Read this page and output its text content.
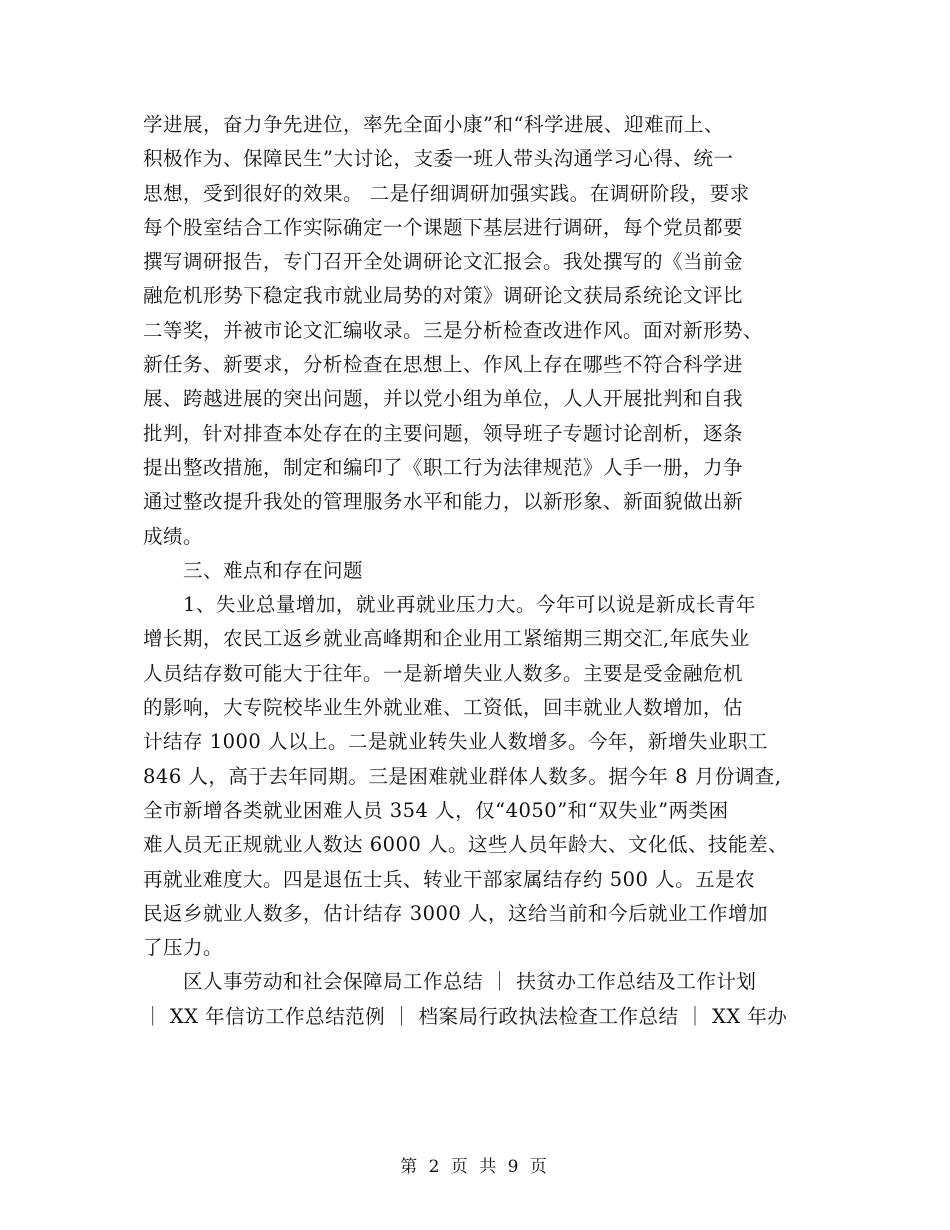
学进展，奋力争先进位，率先全面小康”和“科学进展、迎难而上、
积极作为、保障民生”大讨论，支委一班人带头沟通学习心得、统一
思想，受到很好的效果。 二是仔细调研加强实践。在调研阶段，要求
每个股室结合工作实际确定一个课题下基层进行调研，每个党员都要
撰写调研报告，专门召开全处调研论文汇报会。我处撰写的《当前金
融危机形势下稳定我市就业局势的对策》调研论文获局系统论文评比
二等奖，并被市论文汇编收录。三是分析检查改进作风。面对新形势、
新任务、新要求，分析检查在思想上、作风上存在哪些不符合科学进
展、跨越进展的突出问题，并以党小组为单位，人人开展批判和自我
批判，针对排查本处存在的主要问题，领导班子专题讨论剖析，逐条
提出整改措施，制定和编印了《职工行为法律规范》人手一册，力争
通过整改提升我处的管理服务水平和能力，以新形象、新面貌做出新
成绩。
三、难点和存在问题
1、失业总量增加，就业再就业压力大。今年可以说是新成长青年
增长期，农民工返乡就业高峰期和企业用工紧缩期三期交汇,年底失业
人员结存数可能大于往年。一是新增失业人数多。主要是受金融危机
的影响，大专院校毕业生外就业难、工资低，回丰就业人数增加，估
计结存 1000 人以上。二是就业转失业人数增多。今年，新增失业职工
846 人，高于去年同期。三是困难就业群体人数多。据今年 8 月份调查,
全市新增各类就业困难人员 354 人，仅“4050”和“双失业”两类困
难人员无正规就业人数达 6000 人。这些人员年龄大、文化低、技能差、
再就业难度大。四是退伍士兵、转业干部家属结存约 500 人。五是农
民返乡就业人数多，估计结存 3000 人，这给当前和今后就业工作增加
了压力。
区人事劳动和社会保障局工作总结 ｜ 扶贫办工作总结及工作计划
｜ XX 年信访工作总结范例 ｜ 档案局行政执法检查工作总结 ｜ XX 年办
第 2 页 共 9 页
